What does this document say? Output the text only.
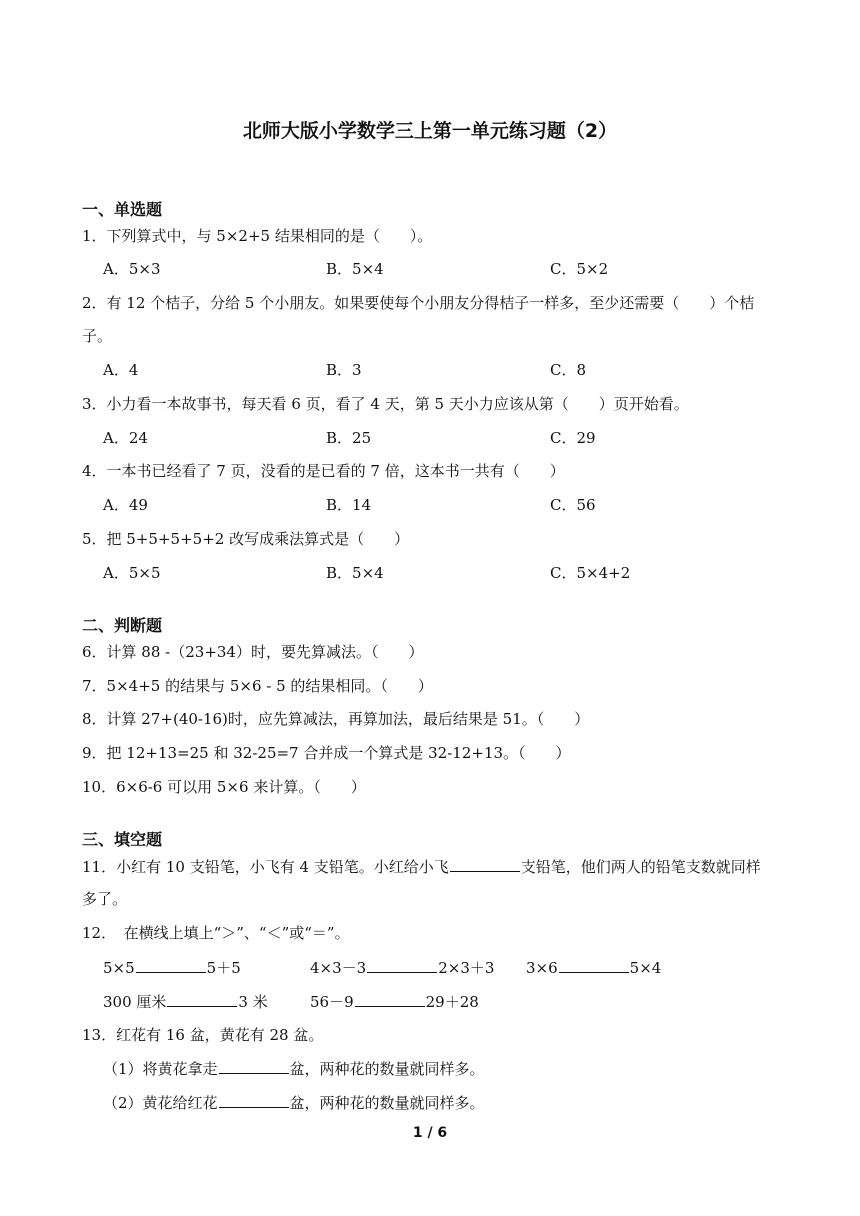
北师大版小学数学三上第一单元练习题（2）
一、单选题
1．下列算式中，与 5×2+5 结果相同的是（　　）。
A．5×3	B．5×4	C．5×2
2．有 12 个桔子，分给 5 个小朋友。如果要使每个小朋友分得桔子一样多，至少还需要（　　）个桔
子。
A．4	B．3	C．8
3．小力看一本故事书，每天看 6 页，看了 4 天，第 5 天小力应该从第（　　）页开始看。
A．24	B．25	C．29
4．一本书已经看了 7 页，没看的是已看的 7 倍，这本书一共有（　　）
A．49	B．14	C．56
5．把 5+5+5+5+2 改写成乘法算式是（　　）
A．5×5	B．5×4	C．5×4+2
二、判断题
6．计算 88 -（23+34）时，要先算减法。（　　）
7．5×4+5 的结果与 5×6 - 5 的结果相同。（　　）
8．计算 27+(40-16)时，应先算减法，再算加法，最后结果是 51。（　　）
9．把 12+13=25 和 32-25=7 合并成一个算式是 32-12+13。（　　）
10．6×6-6 可以用 5×6 来计算。（　　）
三、填空题
11．小红有 10 支铅笔，小飞有 4 支铅笔。小红给小飞	支铅笔，他们两人的铅笔支数就同样
多了。
12．　在横线上填上“＞”、“＜”或“＝”。
5×5	5＋5	4×3－3	2×3＋3 3×6	5×4
300 厘米	3 米	56－9	29＋28
13．红花有 16 盆，黄花有 28 盆。
（1）将黄花拿走	盆，两种花的数量就同样多。
（2）黄花给红花	盆，两种花的数量就同样多。
1 / 6
